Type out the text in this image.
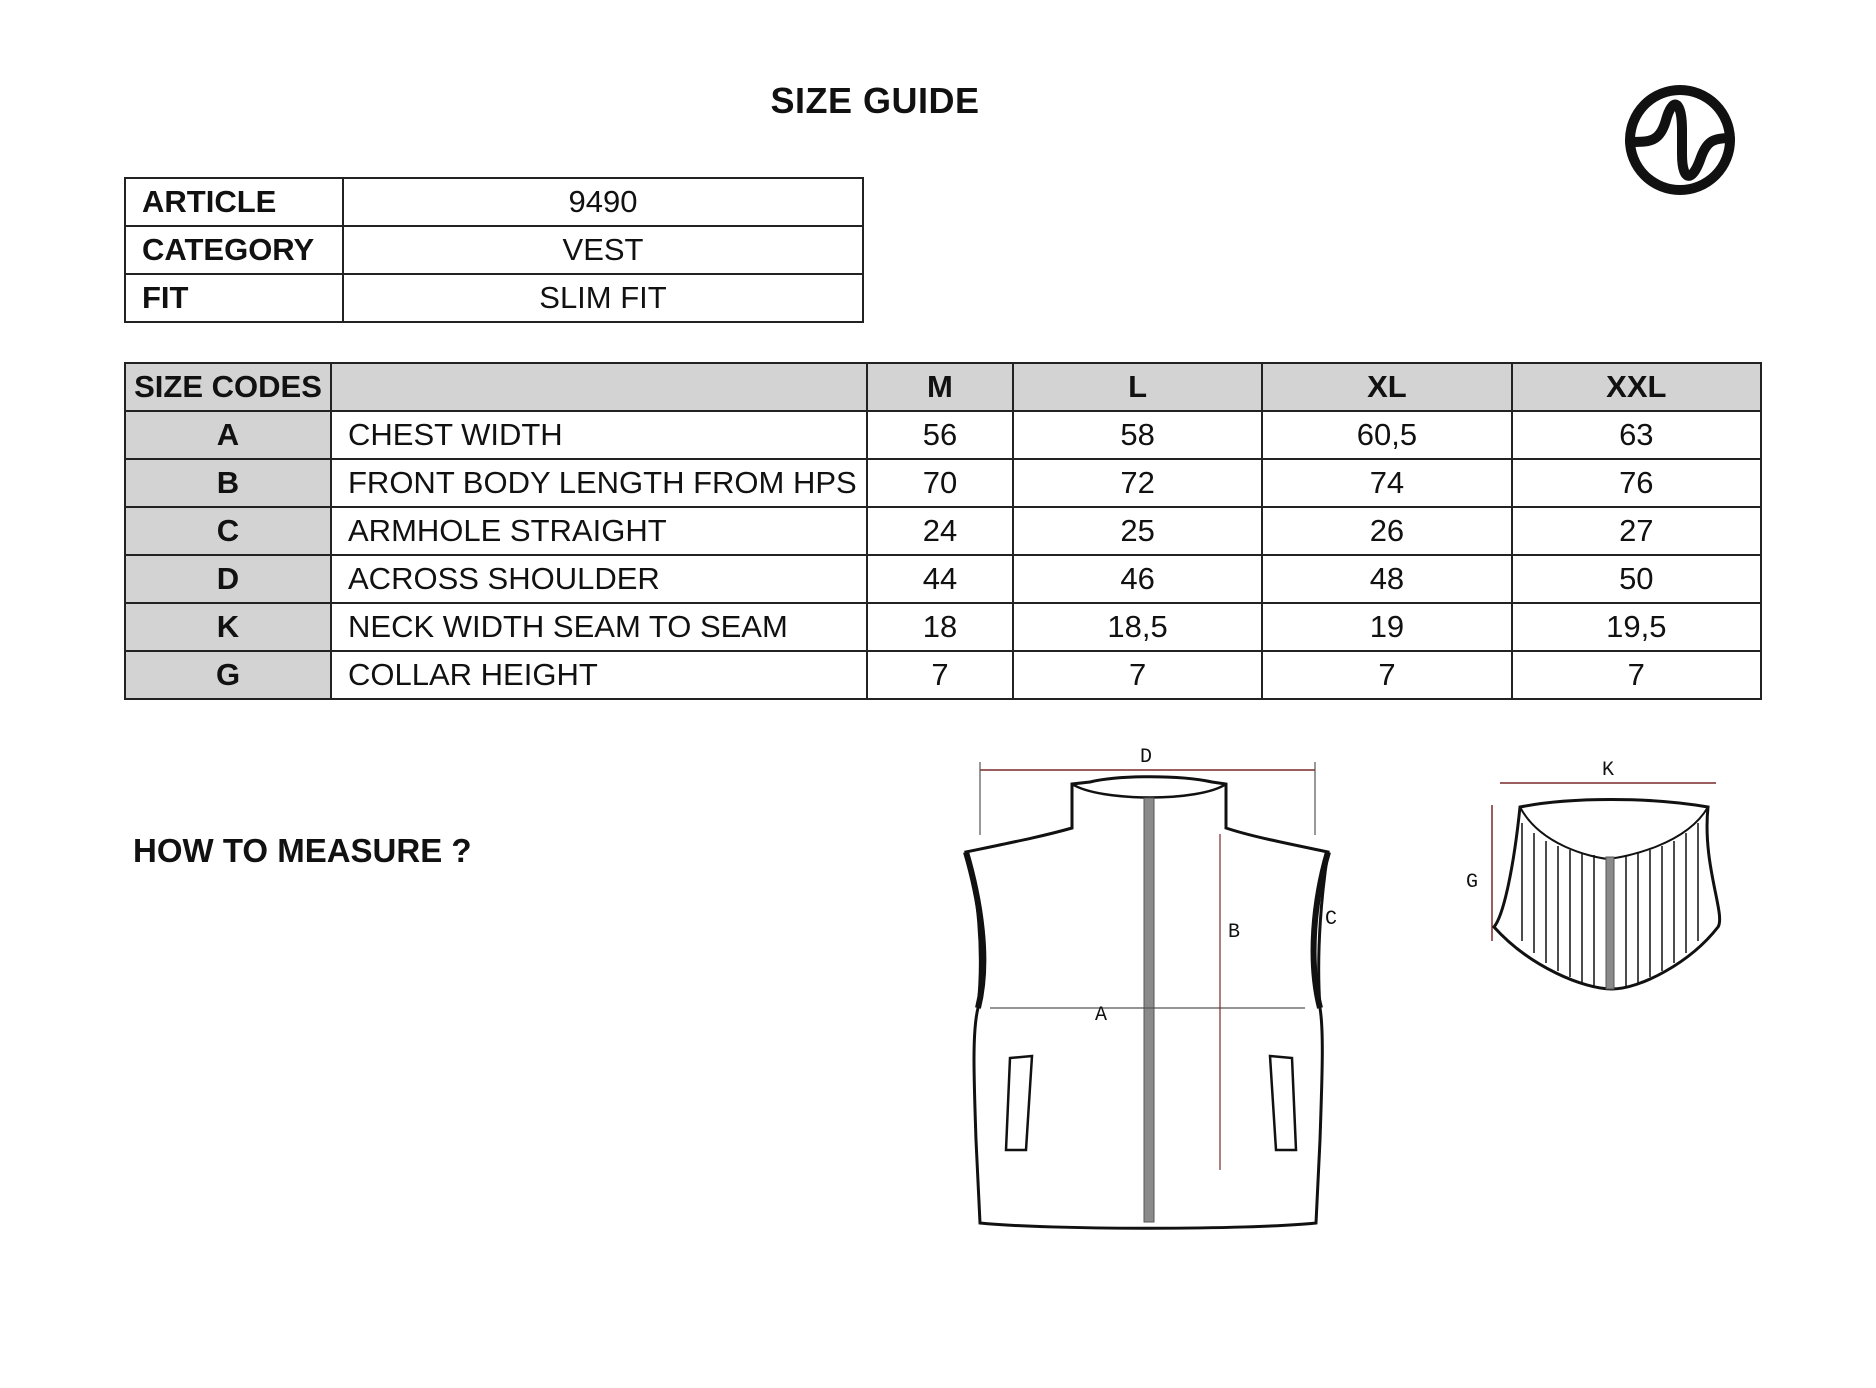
SIZE GUIDE
ARTICLE	9490
CATEGORY	VEST
FIT	SLIM FIT
SIZE CODES		M	L	XL	XXL
A	CHEST WIDTH	56	58	60,5	63
B	FRONT BODY LENGTH FROM HPS	70	72	74	76
C	ARMHOLE STRAIGHT	24	25	26	27
D	ACROSS SHOULDER	44	46	48	50
K	NECK WIDTH SEAM TO SEAM	18	18,5	19	19,5
G	COLLAR HEIGHT	7	7	7	7
HOW TO MEASURE ?
D
A
B
C
K
G
